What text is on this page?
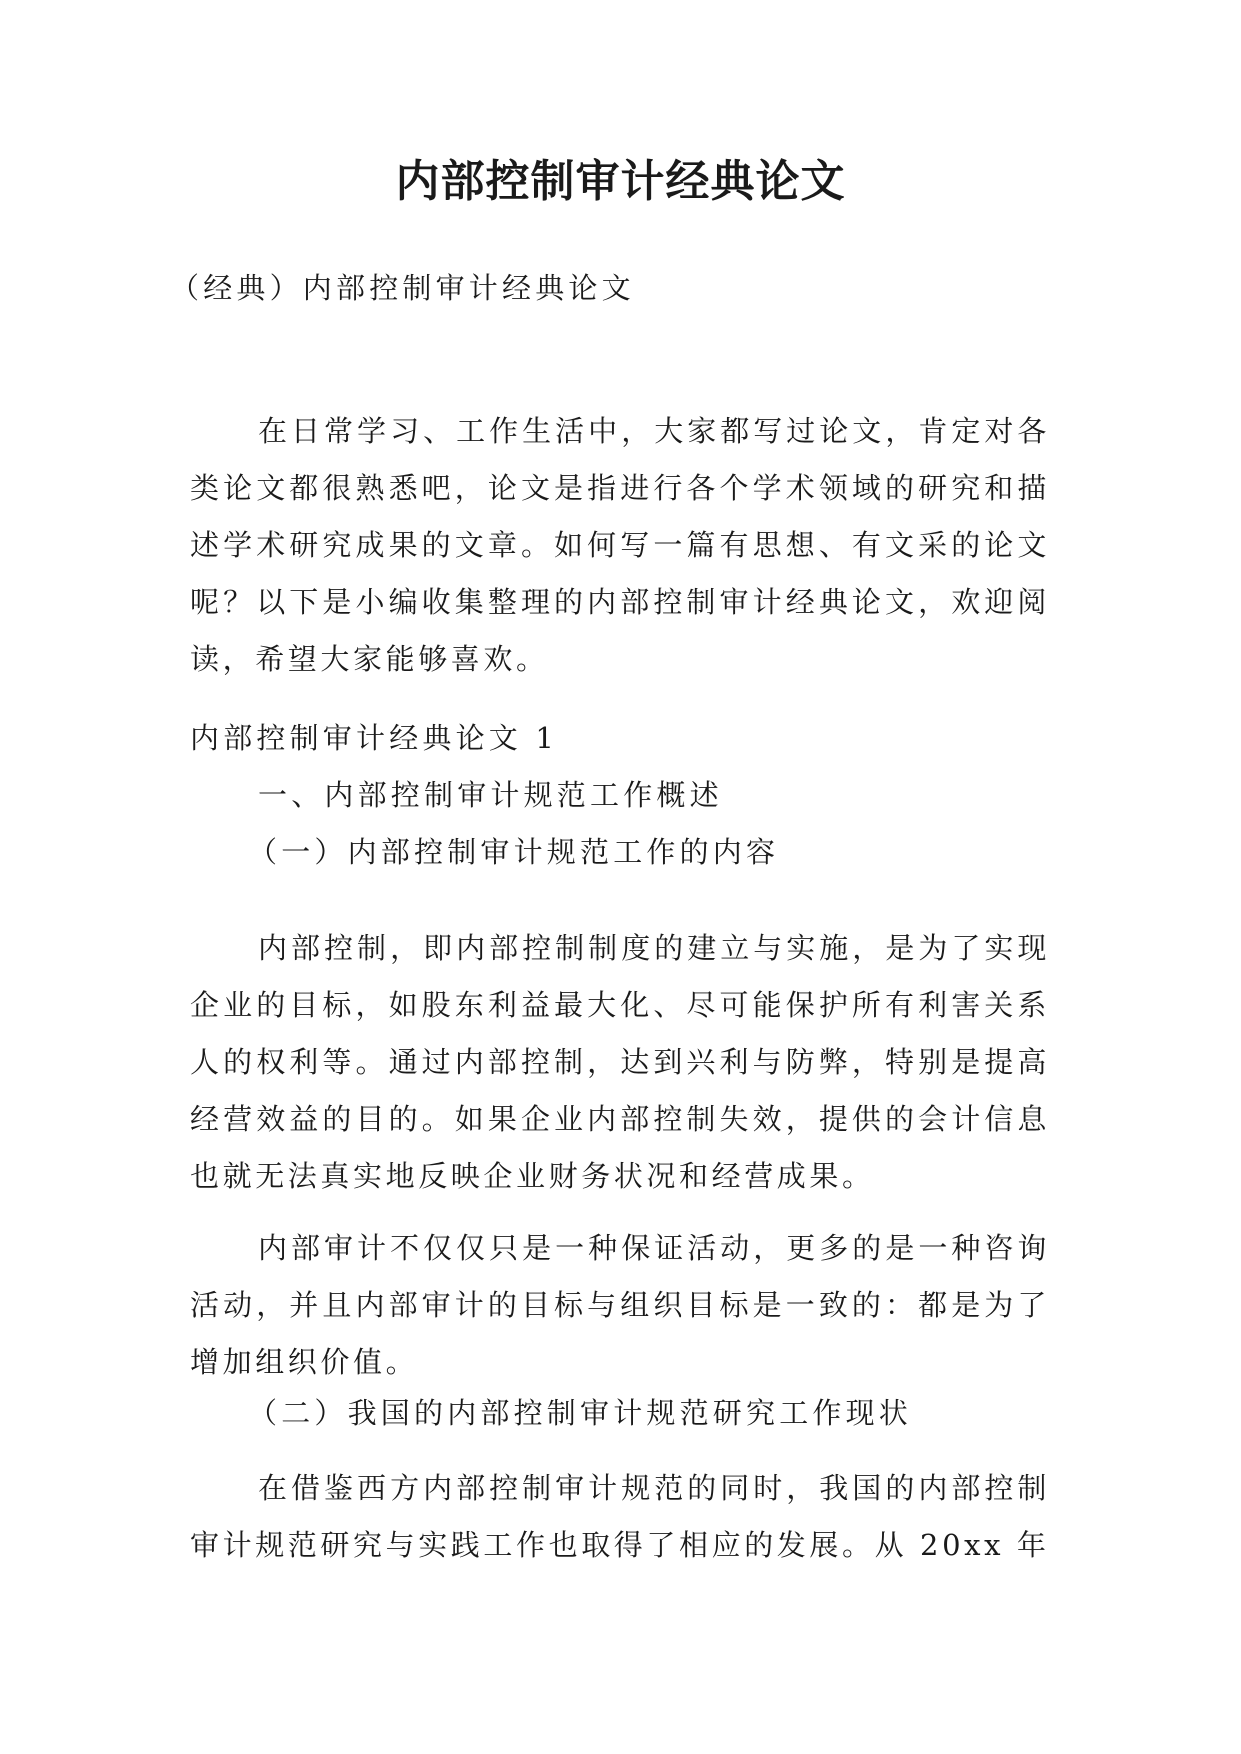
内部控制审计经典论文
（经典）内部控制审计经典论文
在日常学习、工作生活中，大家都写过论文，肯定对各类论文都很熟悉吧，论文是指进行各个学术领域的研究和描述学术研究成果的文章。如何写一篇有思想、有文采的论文呢？以下是小编收集整理的内部控制审计经典论文，欢迎阅读，希望大家能够喜欢。
内部控制审计经典论文 1
一、内部控制审计规范工作概述
（一）内部控制审计规范工作的内容
内部控制，即内部控制制度的建立与实施，是为了实现企业的目标，如股东利益最大化、尽可能保护所有利害关系人的权利等。通过内部控制，达到兴利与防弊，特别是提高经营效益的目的。如果企业内部控制失效，提供的会计信息也就无法真实地反映企业财务状况和经营成果。
内部审计不仅仅只是一种保证活动，更多的是一种咨询活动，并且内部审计的目标与组织目标是一致的：都是为了增加组织价值。
（二）我国的内部控制审计规范研究工作现状
在借鉴西方内部控制审计规范的同时，我国的内部控制审计规范研究与实践工作也取得了相应的发展。从 20xx 年
